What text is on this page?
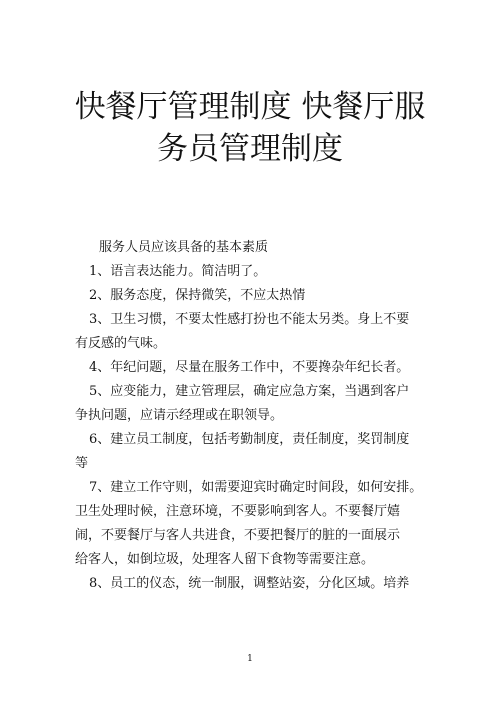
快餐厅管理制度 快餐厅服
务员管理制度

服务人员应该具备的基本素质

1、语言表达能力。简洁明了。

2、服务态度，保持微笑，不应太热情

3、卫生习惯，不要太性感打扮也不能太另类。身上不要

有反感的气味。

4、年纪问题，尽量在服务工作中，不要搀杂年纪长者。

5、应变能力，建立管理层，确定应急方案，当遇到客户

争执问题，应请示经理或在职领导。

6、建立员工制度，包括考勤制度，责任制度，奖罚制度

等

7、建立工作守则，如需要迎宾时确定时间段，如何安排。

卫生处理时候，注意环境，不要影响到客人。不要餐厅嬉

闹，不要餐厅与客人共进食，不要把餐厅的脏的一面展示

给客人，如倒垃圾，处理客人留下食物等需要注意。

8、员工的仪态，统一制服，调整站姿，分化区域。培养

1
